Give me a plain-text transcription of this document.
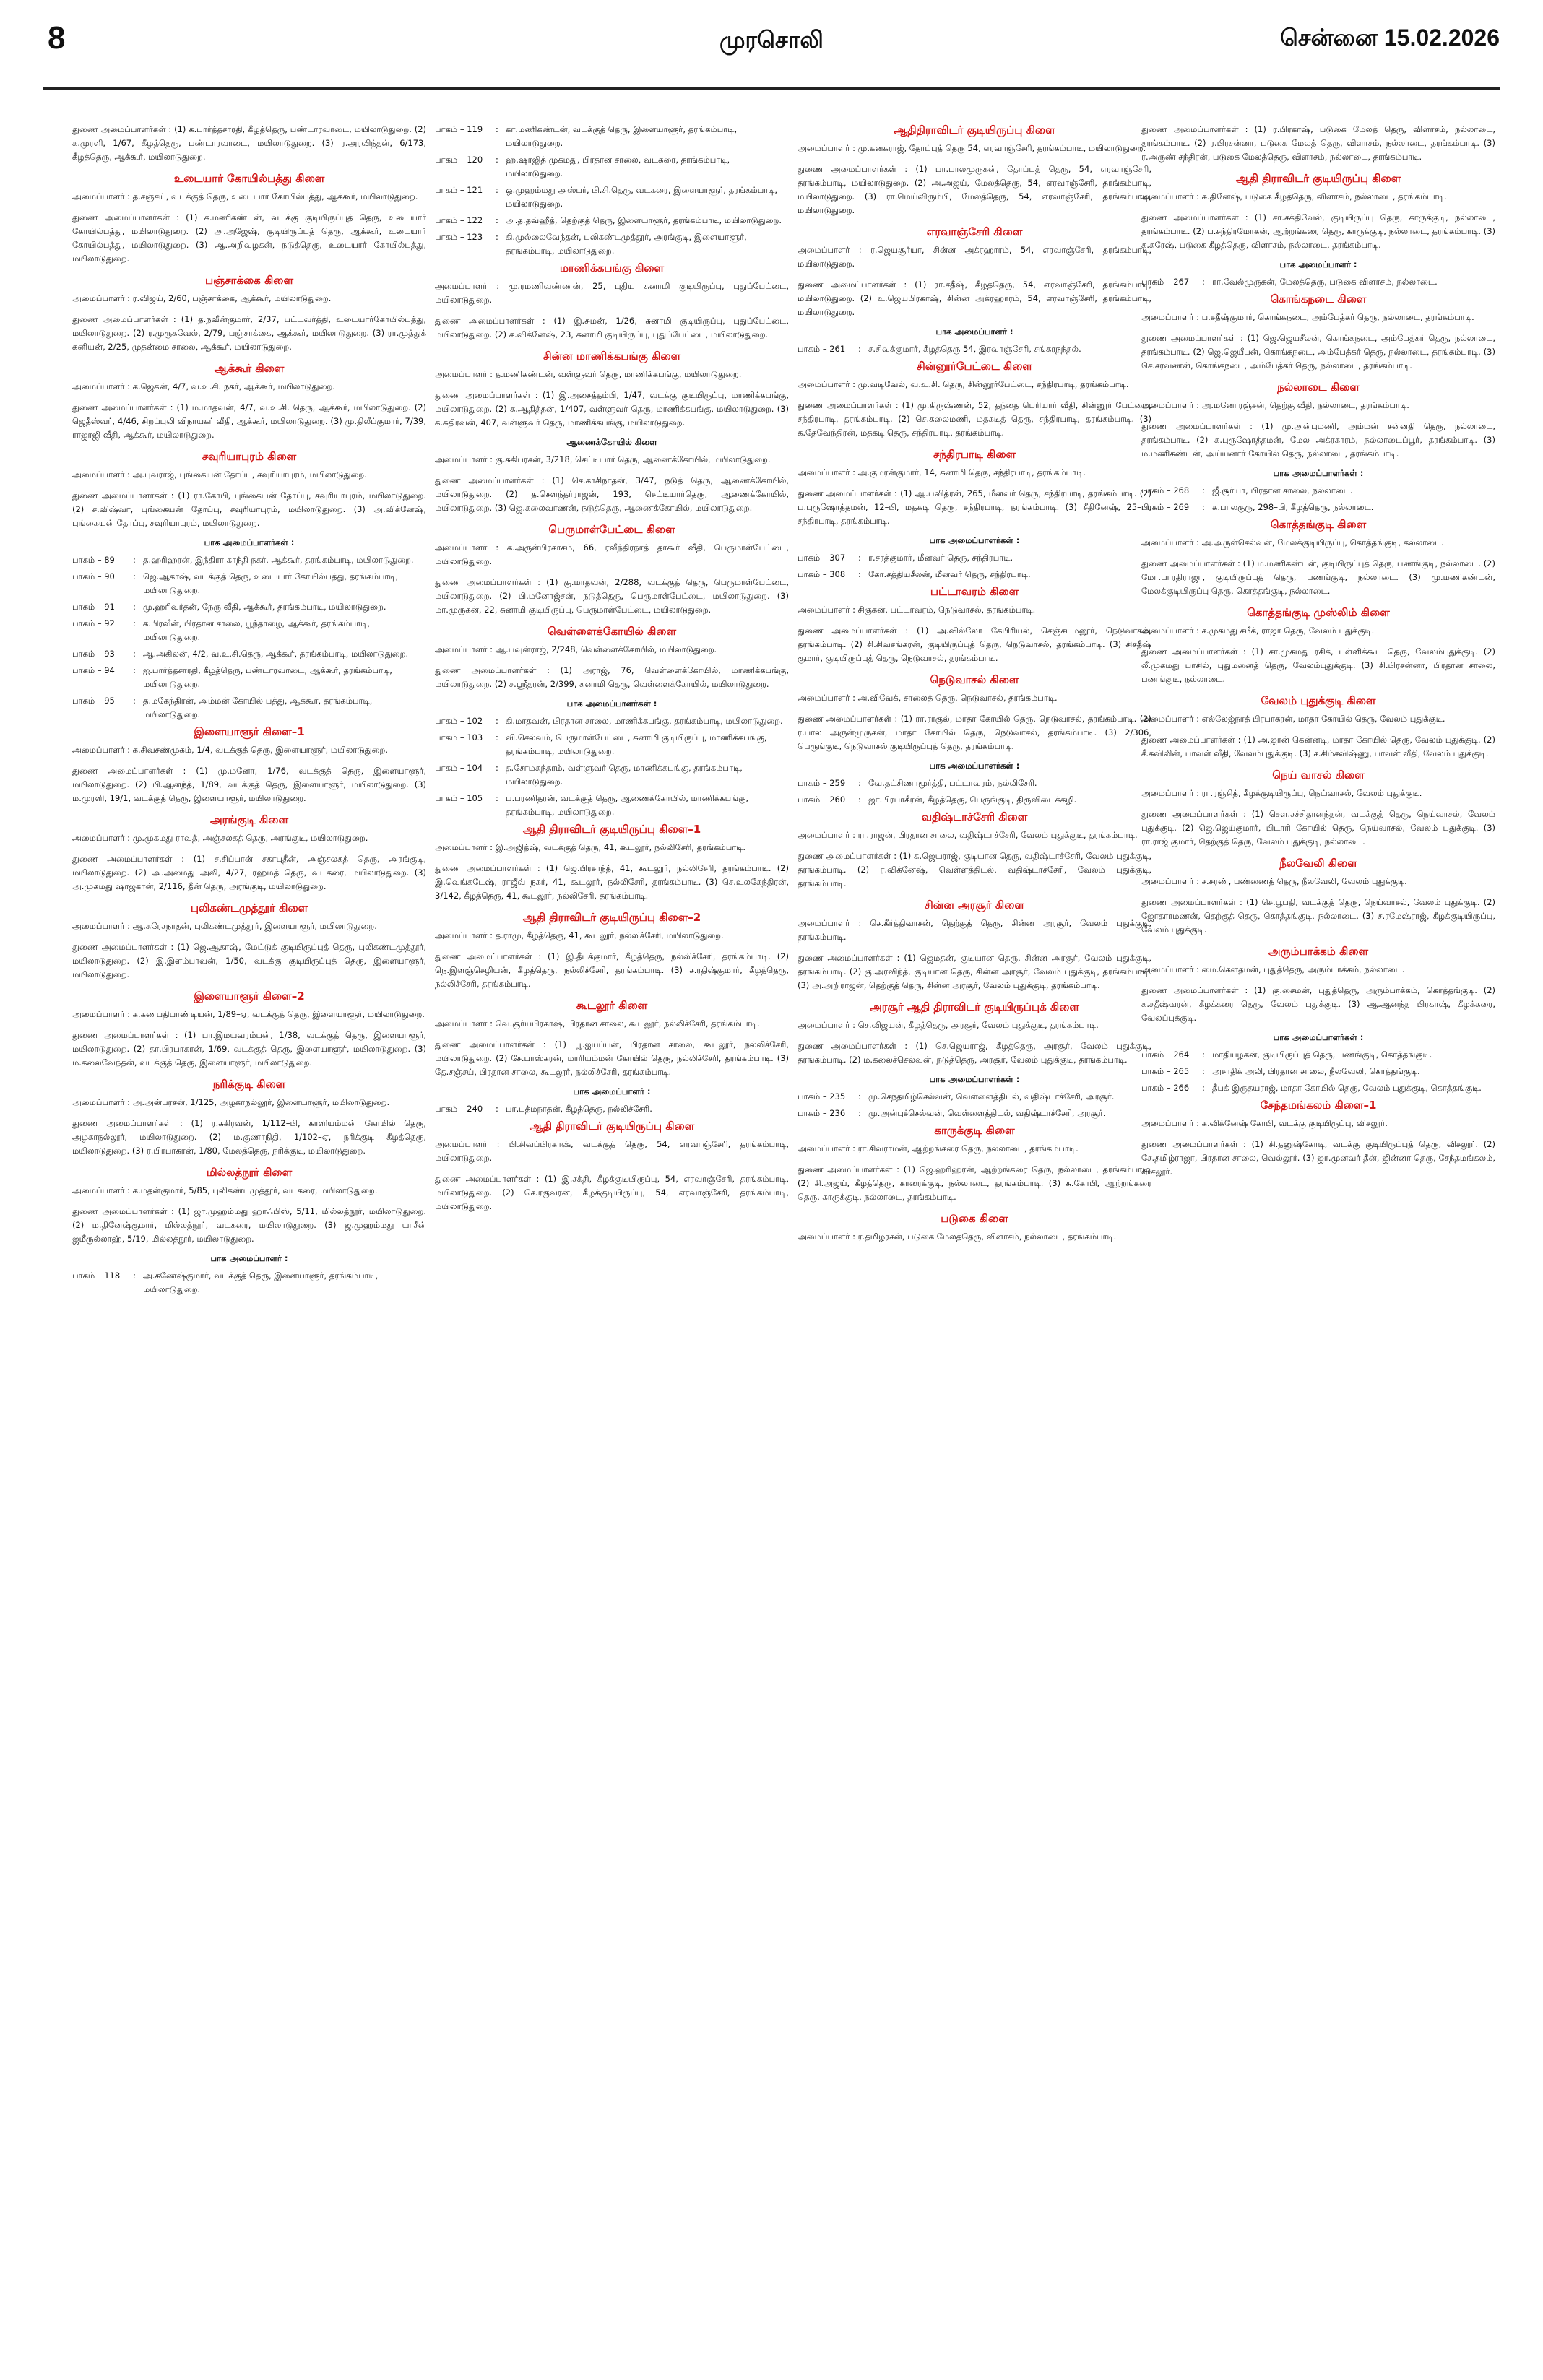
8	முரசொலி	சென்னை 15.02.2026
துணை அமைப்பாளர்கள் : (1) க.பார்த்தசாரதி, கீழத்தெரு, பண்டாரவாடை, மயிலாடுதுறை. (2) க.முரளி, 1/67, கீழத்தெரு, பண்டாரவாடை, மயிலாடுதுறை. (3) ர.அரவிந்தன், 6/173, கீழத்தெரு, ஆக்கூர், மயிலாடுதுறை.
உடையார் கோயில்பத்து கிளை
அமைப்பாளர் : த.சஞ்சய், வடக்குத் தெரு, உடையார் கோயில்பத்து, ஆக்கூர், மயிலாடுதுறை.
துணை அமைப்பாளர்கள் : (1) க.மணிகண்டன், வடக்கு குடியிருப்புத் தெரு, உடையார் கோயில்பத்து, மயிலாடுதுறை. (2) அ.அஜேஷ், குடியிருப்புத் தெரு, ஆக்கூர், உடையார் கோயில்பத்து, மயிலாடுதுறை. (3) ஆ.அறிவழகன், நடுத்தெரு, உடையார் கோயில்பத்து, மயிலாடுதுறை.
பஞ்சாக்கை கிளை
அமைப்பாளர் : ர.விஜய், 2/60, பஞ்சாக்கை, ஆக்கூர், மயிலாடுதுறை.
துணை அமைப்பாளர்கள் : (1) த.நவீன்குமார், 2/37, பட்டவர்த்தி, உடையார்கோயில்பத்து, மயிலாடுதுறை. (2) ர.முருகவேல், 2/79, பஞ்சாக்கை, ஆக்கூர், மயிலாடுதுறை. (3) ரா.முத்துக் கனியன், 2/25, முதன்மை சாலை, ஆக்கூர், மயிலாடுதுறை.
ஆக்கூர் கிளை
அமைப்பாளர் : க.ஜெகன், 4/7, வ.உ.சி. நகர், ஆக்கூர், மயிலாடுதுறை.
துணை அமைப்பாளர்கள் : (1) ம.மாதவன், 4/7, வ.உ.சி. தெரு, ஆக்கூர், மயிலாடுதுறை. (2) ஜெதீஸ்வர், 4/46, சிறப்புலி விநாயகர் வீதி, ஆக்கூர், மயிலாடுதுறை. (3) மு.திலீப்குமார், 7/39, ராஜாஜி வீதி, ஆக்கூர், மயிலாடுதுறை.
சவுரியாபுரம் கிளை
அமைப்பாளர் : அ.புவராஜ், புங்கையன் தோப்பு, சவுரியாபுரம், மயிலாடுதுறை.
துணை அமைப்பாளர்கள் : (1) ரா.கோபி, புங்கையன் தோப்பு, சவுரியாபுரம், மயிலாடுதுறை. (2) ச.விஷ்வா, புங்கையன் தோப்பு, சவுரியாபுரம், மயிலாடுதுறை. (3) அ.விக்னேஷ், புங்கையன் தோப்பு, சவுரியாபுரம், மயிலாடுதுறை.
பாக அமைப்பாளர்கள் :
பாகம் – 89	: த.ஹரிஹரன், இந்திரா காந்தி நகர், ஆக்கூர், தரங்கம்பாடி, மயிலாடுதுறை.
பாகம் – 90	: ஜெ.ஆகாஷ், வடக்குத் தெரு, உடையார் கோயில்பத்து, தரங்கம்பாடி, மயிலாடுதுறை.
பாகம் – 91	: மு.ஹரிவர்தன், நேரு வீதி, ஆக்கூர், தரங்கம்பாடி, மயிலாடுதுறை.
பாகம் – 92	: க.பிரவீன், பிரதான சாலை, பூந்தாழை, ஆக்கூர், தரங்கம்பாடி, மயிலாடுதுறை.
பாகம் – 93	: ஆ.அகிலன், 4/2, வ.உ.சி.தெரு, ஆக்கூர், தரங்கம்பாடி, மயிலாடுதுறை.
பாகம் – 94	: ஐ.பார்த்தசாரதி, கீழத்தெரு, பண்டாரவாடை, ஆக்கூர், தரங்கம்பாடி, மயிலாடுதுறை.
பாகம் – 95	: த.மகேந்திரன், அம்மன் கோயில் பத்து, ஆக்கூர், தரங்கம்பாடி, மயிலாடுதுறை.
இளையாளூர் கிளை–1
அமைப்பாளர் : க.சிவசண்முகம், 1/4, வடக்குத் தெரு, இளையாளூர், மயிலாடுதுறை.
துணை அமைப்பாளர்கள் : (1) மு.மனோ, 1/76, வடக்குத் தெரு, இளையாளூர், மயிலாடுதுறை. (2) பி.ஆனந்த், 1/89, வடக்குத் தெரு, இளையாளூர், மயிலாடுதுறை. (3) ம.முரளி, 19/1, வடக்குத் தெரு, இளையாளூர், மயிலாடுதுறை.
அரங்குடி கிளை
அமைப்பாளர் : மு.முகமது ராவுத், அஞ்சலகத் தெரு, அரங்குடி, மயிலாடுதுறை.
துணை அமைப்பாளர்கள் : (1) ச.சிப்பான் சகாபுதீன், அஞ்சலகத் தெரு, அரங்குடி, மயிலாடுதுறை. (2) அ.அமைது அலி, 4/27, ரஹ்மத் தெரு, வடகரை, மயிலாடுதுறை. (3) அ.முகமது ஷாஜகான், 2/116, தீன் தெரு, அரங்குடி, மயிலாடுதுறை.
புலிகண்டமுத்தூர் கிளை
அமைப்பாளர் : ஆ.சுரேசநாதன், புலிகண்டமுத்தூர், இளையாளூர், மயிலாடுதுறை.
துணை அமைப்பாளர்கள் : (1) ஜெ.ஆகாஷ், மேட்டுக் குடியிருப்புத் தெரு, புலிகண்டமுத்தூர், மயிலாடுதுறை. (2) இ.இளம்பாவன், 1/50, வடக்கு குடியிருப்புத் தெரு, இளையாளூர், மயிலாடுதுறை.
இளையாளூர் கிளை–2
அமைப்பாளர் : க.கணபதிபாண்டியன், 1/89–ஏ, வடக்குத் தெரு, இளையாளூர், மயிலாடுதுறை.
துணை அமைப்பாளர்கள் : (1) பா.இமயவரம்பன், 1/38, வடக்குத் தெரு, இளையாளூர், மயிலாடுதுறை. (2) தா.பிரபாகரன், 1/69, வடக்குத் தெரு, இளையாளூர், மயிலாடுதுறை. (3) ம.கலைவேந்தன், வடக்குத் தெரு, இளையாளூர், மயிலாடுதுறை.
நரிக்குடி கிளை
அமைப்பாளர் : அ.அன்பரசன், 1/125, அழகாநல்லூர், இளையாளூர், மயிலாடுதுறை.
துணை அமைப்பாளர்கள் : (1) ர.சுகிரவன், 1/112–பி, காளியம்மன் கோயில் தெரு, அழகாநல்லூர், மயிலாடுதுறை. (2) ம.குணாநிதி, 1/102–ஏ, நரிக்குடி கீழத்தெரு, மயிலாடுதுறை. (3) ர.பிரபாகரன், 1/80, மேலத்தெரு, நரிக்குடி, மயிலாடுதுறை.
மில்லத்நூர் கிளை
அமைப்பாளர் : க.மதன்குமார், 5/85, புலிகண்டமுத்தூர், வடகரை, மயிலாடுதுறை.
துணை அமைப்பாளர்கள் : (1) ஜா.முஹம்மது ஹாஃபிஸ், 5/11, மில்லத்நூர், மயிலாடுதுறை. (2) ம.தினேஷ்குமார், மில்லத்நூர், வடகரை, மயிலாடுதுறை. (3) ஜ.முஹம்மது யாசீன் ஜமீருல்லாஹ், 5/19, மில்லத்நூர், மயிலாடுதுறை.
பாக அமைப்பாளர் :
பாகம் – 118	: அ.கணேஷ்குமார், வடக்குத் தெரு, இளையாளூர், தரங்கம்பாடி, மயிலாடுதுறை.
பாகம் – 119	: கா.மணிகண்டன், வடக்குத் தெரு, இளையாளூர், தரங்கம்பாடி, மயிலாடுதுறை.
பாகம் – 120	: ஹ.ஷாஜித் முகமது, பிரதான சாலை, வடகரை, தரங்கம்பாடி, மயிலாடுதுறை.
பாகம் – 121	: ஒ.முஹம்மது அஸ்பர், பி.சி.தெரு, வடகரை, இளையாளூர், தரங்கம்பாடி, மயிலாடுதுறை.
பாகம் – 122	: அ.த.தவ்ஹீத், தெற்குத் தெரு, இளையாளூர், தரங்கம்பாடி, மயிலாடுதுறை.
பாகம் – 123	: கி.முல்லைவேந்தன், புலிகண்டமுத்தூர், அரங்குடி, இளையாளூர், தரங்கம்பாடி, மயிலாடுதுறை.
மாணிக்கபங்கு கிளை
அமைப்பாளர் : மு.ரமணிவண்ணன், 25, புதிய சுனாமி குடியிருப்பு, புதுப்பேட்டை, மயிலாடுதுறை.
துணை அமைப்பாளர்கள் : (1) இ.சுமன், 1/26, சுனாமி குடியிருப்பு, புதுப்பேட்டை, மயிலாடுதுறை. (2) க.விக்னேஷ், 23, சுனாமி குடியிருப்பு, புதுப்பேட்டை, மயிலாடுதுறை.
சின்ன மாணிக்கபங்கு கிளை
அமைப்பாளர் : த.மணிகண்டன், வள்ளுவர் தெரு, மாணிக்கபங்கு, மயிலாடுதுறை.
துணை அமைப்பாளர்கள் : (1) இ.அசைத்தம்பி, 1/47, வடக்கு குடியிருப்பு, மாணிக்கபங்கு, மயிலாடுதுறை. (2) க.ஆதித்தன், 1/407, வள்ளுவர் தெரு, மாணிக்கபங்கு, மயிலாடுதுறை. (3) க.சுதிரவன், 407, வள்ளுவர் தெரு, மாணிக்கபங்கு, மயிலாடுதுறை.
ஆணைக்கோயில் கிளை
அமைப்பாளர் : கு.சுகிபரசன், 3/218, செட்டியார் தெரு, ஆணைக்கோயில், மயிலாடுதுறை.
துணை அமைப்பாளர்கள் : (1) செ.காசிநாதன், 3/47, நடுத் தெரு, ஆணைக்கோயில், மயிலாடுதுறை. (2) த.செளந்தர்ராஜன், 193, செட்டியார்தெரு, ஆணைக்கோயில், மயிலாடுதுறை. (3) ஜெ.கலைவாணன், நடுத்தெரு, ஆணைக்கோயில், மயிலாடுதுறை.
பெருமாள்பேட்டை கிளை
அமைப்பாளர் : க.அருள்பிரகாசம், 66, ரவீந்திரநாத் தாகூர் வீதி, பெருமாள்பேட்டை, மயிலாடுதுறை.
துணை அமைப்பாளர்கள் : (1) கு.மாதவன், 2/288, வடக்குத் தெரு, பெருமாள்பேட்டை, மயிலாடுதுறை. (2) பி.மனோஜ்சன், நடுத்தெரு, பெருமாள்பேட்டை, மயிலாடுதுறை. (3) மா.முருகன், 22, சுனாமி குடியிருப்பு, பெருமாள்பேட்டை, மயிலாடுதுறை.
வெள்ளைக்கோயில் கிளை
அமைப்பாளர் : ஆ.பவுன்ராஜ், 2/248, வெள்ளைக்கோயில், மயிலாடுதுறை.
துணை அமைப்பாளர்கள் : (1) அராஜ், 76, வெள்ளைக்கோயில், மாணிக்கபங்கு, மயிலாடுதுறை. (2) ச.ஸ்ரீதரன், 2/399, சுனாமி தெரு, வெள்ளைக்கோயில், மயிலாடுதுறை.
பாக அமைப்பாளர்கள் :
பாகம் – 102	: கி.மாதவன், பிரதான சாலை, மாணிக்கபங்கு, தரங்கம்பாடி, மயிலாடுதுறை.
பாகம் – 103	: வி.செல்வம், பெருமாள்பேட்டை, சுனாமி குடியிருப்பு, மாணிக்கபங்கு, தரங்கம்பாடி, மயிலாடுதுறை.
பாகம் – 104	: த.சோமசுந்தரம், வள்ளுவர் தெரு, மாணிக்கபங்கு, தரங்கம்பாடி, மயிலாடுதுறை.
பாகம் – 105	: ப.பரணிதரன், வடக்குத் தெரு, ஆணைக்கோயில், மாணிக்கபங்கு, தரங்கம்பாடி, மயிலாடுதுறை.
ஆதி திராவிடர் குடியிருப்பு கிளை–1
அமைப்பாளர் : இ.அஜித்ஷ், வடக்குத் தெரு, 41, கூடலூர், நல்லிசேரி, தரங்கம்பாடி.
துணை அமைப்பாளர்கள் : (1) ஜெ.பிரசாந்த், 41, கூடலூர், நல்லிசேரி, தரங்கம்பாடி. (2) இ.வெங்கடேஷ், ராஜீவ் நகர், 41, கூடலூர், நல்லிசேரி, தரங்கம்பாடி. (3) செ.உலகேந்திரன், 3/142, கீழத்தெரு, 41, கூடலூர், நல்லிசேரி, தரங்கம்பாடி.
ஆதி திராவிடர் குடியிருப்பு கிளை–2
அமைப்பாளர் : த.ராமு, கீழத்தெரு, 41, கூடலூர், நல்லிச்சேரி, மயிலாடுதுறை.
துணை அமைப்பாளர்கள் : (1) இ.தீபக்குமார், கீழத்தெரு, நல்லிச்சேரி, தரங்கம்பாடி. (2) நெ.இளஞ்செழியன், கீழத்தெரு, நல்லிச்சேரி, தரங்கம்பாடி. (3) ச.ரதிஷ்குமார், கீழத்தெரு, நல்லிச்சேரி, தரங்கம்பாடி.
கூடலூர் கிளை
அமைப்பாளர் : வெ.சூர்யபிரகாஷ், பிரதான சாலை, கூடலூர், நல்லிச்சேரி, தரங்கம்பாடி.
துணை அமைப்பாளர்கள் : (1) பூ.ஐயப்பன், பிரதான சாலை, கூடலூர், நல்லிச்சேரி, மயிலாடுதுறை. (2) சே.பாஸ்கரன், மாரியம்மன் கோயில் தெரு, நல்லிச்சேரி, தரங்கம்பாடி. (3) தே.சஞ்சய், பிரதான சாலை, கூடலூர், நல்லிச்சேரி, தரங்கம்பாடி.
பாக அமைப்பாளர் :
பாகம் – 240	: பா.பத்மநாதன், கீழத்தெரு, நல்லிச்சேரி.
ஆதி திராவிடர் குடியிருப்பு கிளை
அமைப்பாளர் : பி.சிவப்பிரகாஷ், வடக்குத் தெரு, 54, எரவாஞ்சேரி, தரங்கம்பாடி, மயிலாடுதுறை.
துணை அமைப்பாளர்கள் : (1) இ.சக்தி, கீழக்குடியிருப்பு, 54, எரவாஞ்சேரி, தரங்கம்பாடி, மயிலாடுதுறை. (2) செ.ரகுவரன், கீழக்குடியிருப்பு, 54, எரவாஞ்சேரி, தரங்கம்பாடி, மயிலாடுதுறை.
ஆதிதிராவிடர் குடியிருப்பு கிளை
அமைப்பாளர் : மு.கனகராஜ், தோப்புத் தெரு 54, எரவாஞ்சேரி, தரங்கம்பாடி, மயிலாடுதுறை.
துணை அமைப்பாளர்கள் : (1) பா.பாலமுருகன், தோப்புத் தெரு, 54, எரவாஞ்சேரி, தரங்கம்பாடி, மயிலாடுதுறை. (2) அ.அஜய், மேலத்தெரு, 54, எரவாஞ்சேரி, தரங்கம்பாடி, மயிலாடுதுறை. (3) ரா.மெய்விரும்பி, மேலத்தெரு, 54, எரவாஞ்சேரி, தரங்கம்பாடி, மயிலாடுதுறை.
எரவாஞ்சேரி கிளை
அமைப்பாளர் : ர.ஜெயசூர்யா, சின்ன அக்ரஹாரம், 54, எரவாஞ்சேரி, தரங்கம்பாடி, மயிலாடுதுறை.
துணை அமைப்பாளர்கள் : (1) ரா.சதீஷ், கீழத்தெரு, 54, எரவாஞ்சேரி, தரங்கம்பாடி, மயிலாடுதுறை. (2) உ.ஜெயபிரகாஷ், சின்ன அக்ரஹாரம், 54, எரவாஞ்சேரி, தரங்கம்பாடி, மயிலாடுதுறை.
பாக அமைப்பாளர் :
பாகம் – 261	: ச.சிவக்குமார், கீழத்தெரு 54, இரவாஞ்சேரி, சங்கரநந்தல்.
சின்னூர்பேட்டை கிளை
அமைப்பாளர் : மு.வடிவேல், வ.உ.சி. தெரு, சின்னூர்பேட்டை, சந்திரபாடி, தரங்கம்பாடி.
துணை அமைப்பாளர்கள் : (1) மு.கிருஷ்ணன், 52, தந்தை பெரியார் வீதி, சின்னூர் பேட்டை, சந்திரபாடி, தரங்கம்பாடி. (2) செ.கலைமணி, மதகடித் தெரு, சந்திரபாடி, தரங்கம்பாடி. (3) க.தேவேந்திரன், மதகடி தெரு, சந்திரபாடி, தரங்கம்பாடி.
சந்திரபாடி கிளை
அமைப்பாளர் : அ.குமரன்குமார், 14, சுனாமி தெரு, சந்திரபாடி, தரங்கம்பாடி.
துணை அமைப்பாளர்கள் : (1) ஆ.பவித்ரன், 265, மீனவர் தெரு, சந்திரபாடி, தரங்கம்பாடி. (2) ப.புருஷோத்தமன், 12–பி, மதகடி தெரு, சந்திரபாடி, தரங்கம்பாடி. (3) சீதினேஷ், 25–பி, சந்திரபாடி, தரங்கம்பாடி.
பாக அமைப்பாளர்கள் :
பாகம் – 307	: ர.சரத்குமார், மீனவர் தெரு, சந்திரபாடி.
பாகம் – 308	: கோ.சத்தியசீலன், மீனவர் தெரு, சந்திரபாடி.
பட்டாவரம் கிளை
அமைப்பாளர் : சிகுகன், பட்டாவரம், நெடுவாசல், தரங்கம்பாடி.
துணை அமைப்பாளர்கள் : (1) அ.வில்லோ கேபிரியல், செஞ்சடமனூர், நெடுவாசல், தரங்கம்பாடி. (2) சி.சிவசங்கரன், குடியிருப்புத் தெரு, நெடுவாசல், தரங்கம்பாடி. (3) சிசதீஷ் குமார், குடியிருப்புத் தெரு, நெடுவாசல், தரங்கம்பாடி.
நெடுவாசல் கிளை
அமைப்பாளர் : அ.விவேக், சாலைத் தெரு, நெடுவாசல், தரங்கம்பாடி.
துணை அமைப்பாளர்கள் : (1) ரா.ராகுல், மாதா கோயில் தெரு, நெடுவாசல், தரங்கம்பாடி. (2) ர.பால அருள்முருகன், மாதா கோயில் தெரு, நெடுவாசல், தரங்கம்பாடி. (3) 2/306, பெருங்குடி, நெடுவாசல் குடியிருப்புத் தெரு, தரங்கம்பாடி.
பாக அமைப்பாளர்கள் :
பாகம் – 259	: வே.தட்சிணாமூர்த்தி, பட்டாவரம், நல்லிசேரி.
பாகம் – 260	: ஜா.பிரபாகீரன், கீழத்தெரு, பெருங்குடி, திருவிடைக்கழி.
வதிஷ்டாச்சேரி கிளை
அமைப்பாளர் : ரா.ராஜன், பிரதான சாலை, வதிஷ்டாச்சேரி, வேலம் புதுக்குடி, தரங்கம்பாடி.
துணை அமைப்பாளர்கள் : (1) சு.ஜெயராஜ், குடியான தெரு, வதிஷ்டாச்சேரி, வேலம் புதுக்குடி, தரங்கம்பாடி. (2) ர.விக்னேஷ், வெள்ளத்திடல், வதிஷ்டாச்சேரி, வேலம் புதுக்குடி, தரங்கம்பாடி.
சின்ன அரசூர் கிளை
அமைப்பாளர் : செ.கீர்த்திவாசன், தெற்குத் தெரு, சின்ன அரசூர், வேலம் புதுக்குடி, தரங்கம்பாடி.
துணை அமைப்பாளர்கள் : (1) ஜெமதன், குடியான தெரு, சின்ன அரசூர், வேலம் புதுக்குடி, தரங்கம்பாடி. (2) கு.அரவிந்த், குடியான தெரு, சின்ன அரசூர், வேலம் புதுக்குடி, தரங்கம்பாடி. (3) அ.அறிராஜன், தெற்குத் தெரு, சின்ன அரசூர், வேலம் புதுக்குடி, தரங்கம்பாடி.
அரசூர் ஆதி திராவிடர் குடியிருப்புக் கிளை
அமைப்பாளர் : செ.விஜயன், கீழத்தெரு, அரசூர், வேலம் புதுக்குடி, தரங்கம்பாடி.
துணை அமைப்பாளர்கள் : (1) செ.ஜெயராஜ், கீழத்தெரு, அரசூர், வேலம் புதுக்குடி, தரங்கம்பாடி. (2) ம.கலைச்செல்வன், நடுத்தெரு, அரசூர், வேலம் புதுக்குடி, தரங்கம்பாடி.
பாக அமைப்பாளர்கள் :
பாகம் – 235	: மு.செந்தமிழ்செல்வன், வெள்ளைத்திடல், வதிஷ்டாச்சேரி, அரசூர்.
பாகம் – 236	: மு.அன்புச்செல்வன், வெள்ளைத்திடல், வதிஷ்டாச்சேரி, அரசூர்.
காருக்குடி கிளை
அமைப்பாளர் : ரா.சிவராமன், ஆற்றங்கரை தெரு, நல்லாடை, தரங்கம்பாடி.
துணை அமைப்பாளர்கள் : (1) ஜெ.ஹரிஹரன், ஆற்றங்கரை தெரு, நல்லாடை, தரங்கம்பாடி. (2) சி.அஜய், கீழத்தெரு, காரைக்குடி, நல்லாடை, தரங்கம்பாடி. (3) சு.கோபி, ஆற்றங்கரை தெரு, காருக்குடி, நல்லாடை, தரங்கம்பாடி.
படுகை கிளை
அமைப்பாளர் : ர.தமிழரசன், படுகை மேலத்தெரு, விளாசம், நல்லாடை, தரங்கம்பாடி.
துணை அமைப்பாளர்கள் : (1) ர.பிரகாஷ், படுகை மேலத் தெரு, விளாசம், நல்லாடை, தரங்கம்பாடி. (2) ர.பிரசன்னா, படுகை மேலத் தெரு, விளாசம், நல்லாடை, தரங்கம்பாடி. (3) ர.அருண் சந்திரன், படுகை மேலத்தெரு, விளாசம், நல்லாடை, தரங்கம்பாடி.
ஆதி திராவிடர் குடியிருப்பு கிளை
அமைப்பாளர் : சு.தினேஷ், படுகை கீழத்தெரு, விளாசம், நல்லாடை, தரங்கம்பாடி.
துணை அமைப்பாளர்கள் : (1) சா.சக்திவேல், குடியிருப்பு தெரு, காருக்குடி, நல்லாடை, தரங்கம்பாடி. (2) ப.சந்திரமோகன், ஆற்றங்கரை தெரு, காருக்குடி, நல்லாடை, தரங்கம்பாடி. (3) க.சுரேஷ், படுகை கீழத்தெரு, விளாசம், நல்லாடை, தரங்கம்பாடி.
பாக அமைப்பாளர் :
பாகம் – 267	: ரா.வேல்முருகன், மேலத்தெரு, படுகை விளாசம், நல்லாடை.
கொங்கநடை கிளை
அமைப்பாளர் : ப.சதீஷ்குமார், கொங்கநடை, அம்பேத்கர் தெரு, நல்லாடை, தரங்கம்பாடி.
துணை அமைப்பாளர்கள் : (1) ஜெ.ஜெயசீலன், கொங்கநடை, அம்பேத்கர் தெரு, நல்லாடை, தரங்கம்பாடி. (2) ஜெ.ஜெயீபன், கொங்கநடை, அம்பேத்கர் தெரு, நல்லாடை, தரங்கம்பாடி. (3) செ.சரவணன், கொங்கநடை, அம்பேத்கர் தெரு, நல்லாடை, தரங்கம்பாடி.
நல்லாடை கிளை
அமைப்பாளர் : அ.மனோரஞ்சன், தெற்கு வீதி, நல்லாடை, தரங்கம்பாடி.
துணை அமைப்பாளர்கள் : (1) மு.அன்புமணி, அம்மன் சன்னதி தெரு, நல்லாடை, தரங்கம்பாடி. (2) க.புருஷோத்தமன், மேல அக்ரகாரம், நல்லாடைப்பூர், தரங்கம்பாடி. (3) ம.மணிகண்டன், அய்யனார் கோயில் தெரு, நல்லாடை, தரங்கம்பாடி.
பாக அமைப்பாளர்கள் :
பாகம் – 268	: ஜீ.சூர்யா, பிரதான சாலை, நல்லாடை.
பாகம் – 269	: க.பாலகுரு, 298–பி, கீழத்தெரு, நல்லாடை.
கொத்தங்குடி கிளை
அமைப்பாளர் : அ.அருள்செல்வன், மேலக்குடியிருப்பு, கொத்தங்குடி, கல்லாடை.
துணை அமைப்பாளர்கள் : (1) ம.மணிகண்டன், குடியிருப்புத் தெரு, பணங்குடி, நல்லாடை. (2) மோ.பாரதிராஜா, குடியிருப்புத் தெரு, பணங்குடி, நல்லாடை. (3) மு.மணிகண்டன், மேலக்குடியிருப்பு தெரு, கொத்தங்குடி, நல்லாடை.
கொத்தங்குடி முஸ்லிம் கிளை
அமைப்பாளர் : ச.முகமது சபீக், ராஜா தெரு, வேலம் புதுக்குடி.
துணை அமைப்பாளர்கள் : (1) சா.முகமது ரசிக், பள்ளிக்கூட தெரு, வேலம்புதுக்குடி. (2) லீ.முகமது பாசில், புதுமனைத் தெரு, வேலம்புதுக்குடி. (3) சி.பிரசன்னா, பிரதான சாலை, பணங்குடி, நல்லாடை.
வேலம் புதுக்குடி கிளை
அமைப்பாளர் : எல்லேஜ்நாத் பிரபாகரன், மாதா கோயில் தெரு, வேலம் புதுக்குடி.
துணை அமைப்பாளர்கள் : (1) அ.ஜான் கென்னடி, மாதா கோயில் தெரு, வேலம் புதுக்குடி. (2) சீ.சுவிலின், பாவள் வீதி, வேலம்புதுக்குடி. (3) ச.சிம்சவிஷ்ணு, பாவள் வீதி, வேலம் புதுக்குடி.
நெய் வாசல் கிளை
அமைப்பாளர் : ரா.ரஞ்சித், கீழக்குடியிருப்பு, நெய்வாசல், வேலம் புதுக்குடி.
துணை அமைப்பாளர்கள் : (1) செள.சச்சிதானந்தன், வடக்குத் தெரு, நெய்வாசல், வேலம் புதுக்குடி. (2) ஜெ.ஜெய்குமார், பிடாரி கோயில் தெரு, நெய்வாசல், வேலம் புதுக்குடி. (3) ரா.ராஜ் குமார், தெற்குத் தெரு, வேலம் புதுக்குடி, நல்லாடை.
நீலவேலி கிளை
அமைப்பாளர் : ச.சரண், பண்ணைத் தெரு, நீலவேலி, வேலம் புதுக்குடி.
துணை அமைப்பாளர்கள் : (1) செ.பூபதி, வடக்குத் தெரு, நெய்வாசல், வேலம் புதுக்குடி. (2) ஜோதாரமணன், தெற்குத் தெரு, கொத்தங்குடி, நல்லாடை. (3) ச.ரமேஷ்ராஜ், கீழக்குடியிருப்பு, வேலம் புதுக்குடி.
அரும்பாக்கம் கிளை
அமைப்பாளர் : மை.கௌதமன், புதுத்தெரு, அரும்பாக்கம், நல்லாடை.
துணை அமைப்பாளர்கள் : (1) கு.சைமன், புதுத்தெரு, அரும்பாக்கம், கொத்தங்குடி. (2) க.சதீஷ்வரன், கீழக்கரை தெரு, வேலம் புதுக்குடி. (3) ஆ.ஆனந்த பிரகாஷ், கீழக்கரை, வேலப்புக்குடி.
பாக அமைப்பாளர்கள் :
பாகம் – 264	: மாதியழகன், குடியிருப்புத் தெரு, பணங்குடி, கொத்தங்குடி.
பாகம் – 265	: அசாதிக் அலி, பிரதான சாலை, நீலவேலி, கொத்தங்குடி.
பாகம் – 266	: தீபக் இருதயராஜ், மாதா கோயில் தெரு, வேலம் புதுக்குடி, கொத்தங்குடி.
சேந்தமங்கலம் கிளை–1
அமைப்பாளர் : க.விக்னேஷ் கோபி, வடக்கு குடியிருப்பு, விசலூர்.
துணை அமைப்பாளர்கள் : (1) சி.தனுஷ்கோடி, வடக்கு குடியிருப்புத் தெரு, விசலூர். (2) சே.தமிழ்ராஜா, பிரதான சாலை, வெல்லூர். (3) ஜா.முனவர் தீன், ஜின்னா தெரு, சேந்தமங்கலம், விசலூர்.
